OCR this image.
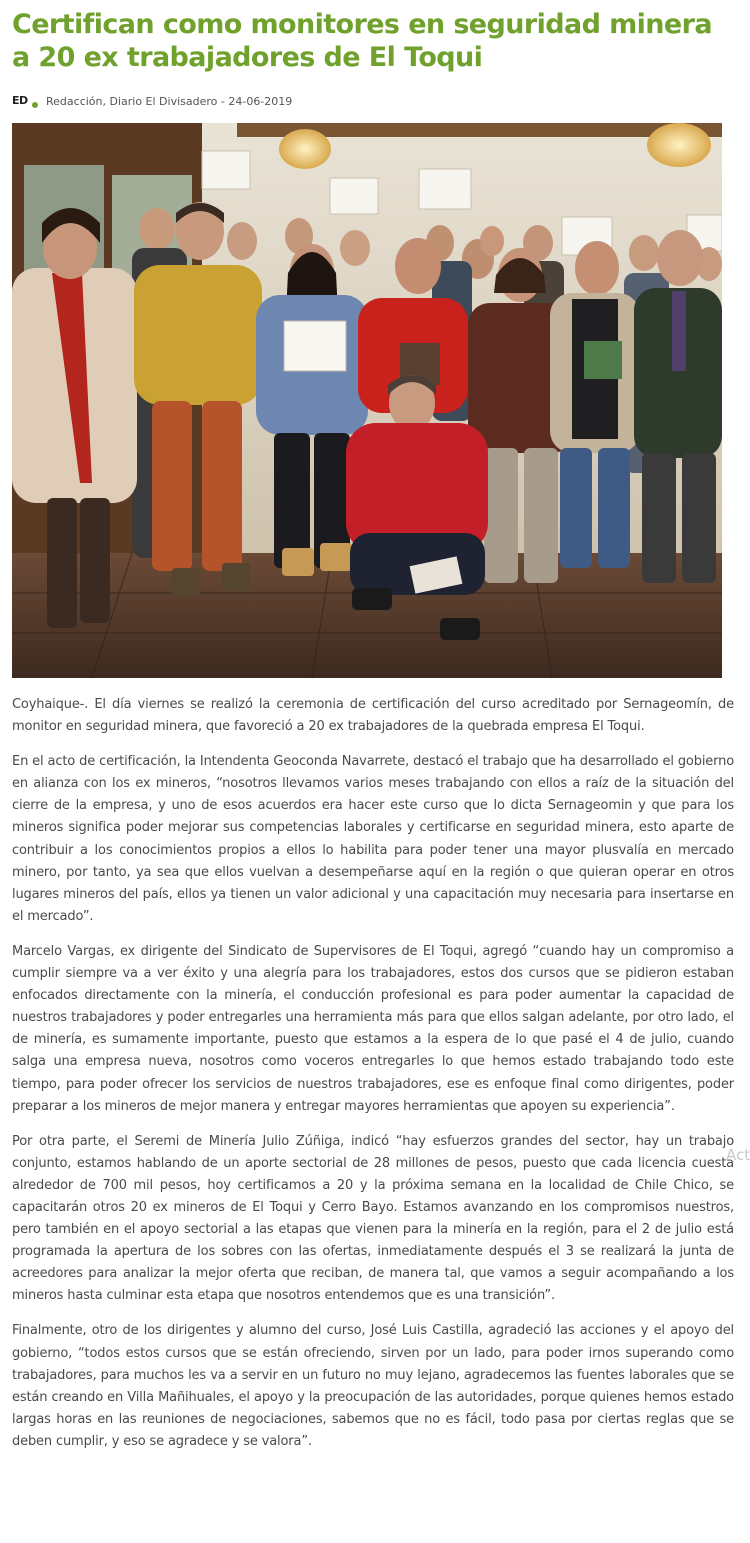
Certifican como monitores en seguridad minera a 20 ex trabajadores de El Toqui
ED	Redacción, Diario El Divisadero - 24-06-2019

Coyhaique-. El día viernes se realizó la ceremonia de certificación del curso acreditado por Sernageomín, de monitor en seguridad minera, que favoreció a 20 ex trabajadores de la quebrada empresa El Toqui.

En el acto de certificación, la Intendenta Geoconda Navarrete, destacó el trabajo que ha desarrollado el gobierno en alianza con los ex mineros, “nosotros llevamos varios meses trabajando con ellos a raíz de la situación del cierre de la empresa, y uno de esos acuerdos era hacer este curso que lo dicta Sernageomin y que para los mineros significa poder mejorar sus competencias laborales y certificarse en seguridad minera, esto aparte de contribuir a los conocimientos propios a ellos lo habilita para poder tener una mayor plusvalía en mercado minero, por tanto, ya sea que ellos vuelvan a desempeñarse aquí en la región o que quieran operar en otros lugares mineros del país, ellos ya tienen un valor adicional y una capacitación muy necesaria para insertarse en el mercado”.

Marcelo Vargas, ex dirigente del Sindicato de Supervisores de El Toqui, agregó “cuando hay un compromiso a cumplir siempre va a ver éxito y una alegría para los trabajadores, estos dos cursos que se pidieron estaban enfocados directamente con la minería, el conducción profesional es para poder aumentar la capacidad de nuestros trabajadores y poder entregarles una herramienta más para que ellos salgan adelante, por otro lado, el de minería, es sumamente importante, puesto que estamos a la espera de lo que pasé el 4 de julio, cuando salga una empresa nueva, nosotros como voceros entregarles lo que hemos estado trabajando todo este tiempo, para poder ofrecer los servicios de nuestros trabajadores, ese es enfoque final como dirigentes, poder preparar a los mineros de mejor manera y entregar mayores herramientas que apoyen su experiencia”.

Por otra parte, el Seremi de Minería Julio Zúñiga, indicó “hay esfuerzos grandes del sector, hay un trabajo conjunto, estamos hablando de un aporte sectorial de 28 millones de pesos, puesto que cada licencia cuesta alrededor de 700 mil pesos, hoy certificamos a 20 y la próxima semana en la localidad de Chile Chico, se capacitarán otros 20 ex mineros de El Toqui y Cerro Bayo. Estamos avanzando en los compromisos nuestros, pero también en el apoyo sectorial a las etapas que vienen para la minería en la región, para el 2 de julio está programada la apertura de los sobres con las ofertas, inmediatamente después el 3 se realizará la junta de acreedores para analizar la mejor oferta que reciban, de manera tal, que vamos a seguir acompañando a los mineros hasta culminar esta etapa que nosotros entendemos que es una transición”.

Finalmente, otro de los dirigentes y alumno del curso, José Luis Castilla, agradeció las acciones y el apoyo del gobierno, “todos estos cursos que se están ofreciendo, sirven por un lado, para poder irnos superando como trabajadores, para muchos les va a servir en un futuro no muy lejano, agradecemos las fuentes laborales que se están creando en Villa Mañihuales, el apoyo y la preocupación de las autoridades, porque quienes hemos estado largas horas en las reuniones de negociaciones, sabemos que no es fácil, todo pasa por ciertas reglas que se deben cumplir, y eso se agradece y se valora”.

Act
